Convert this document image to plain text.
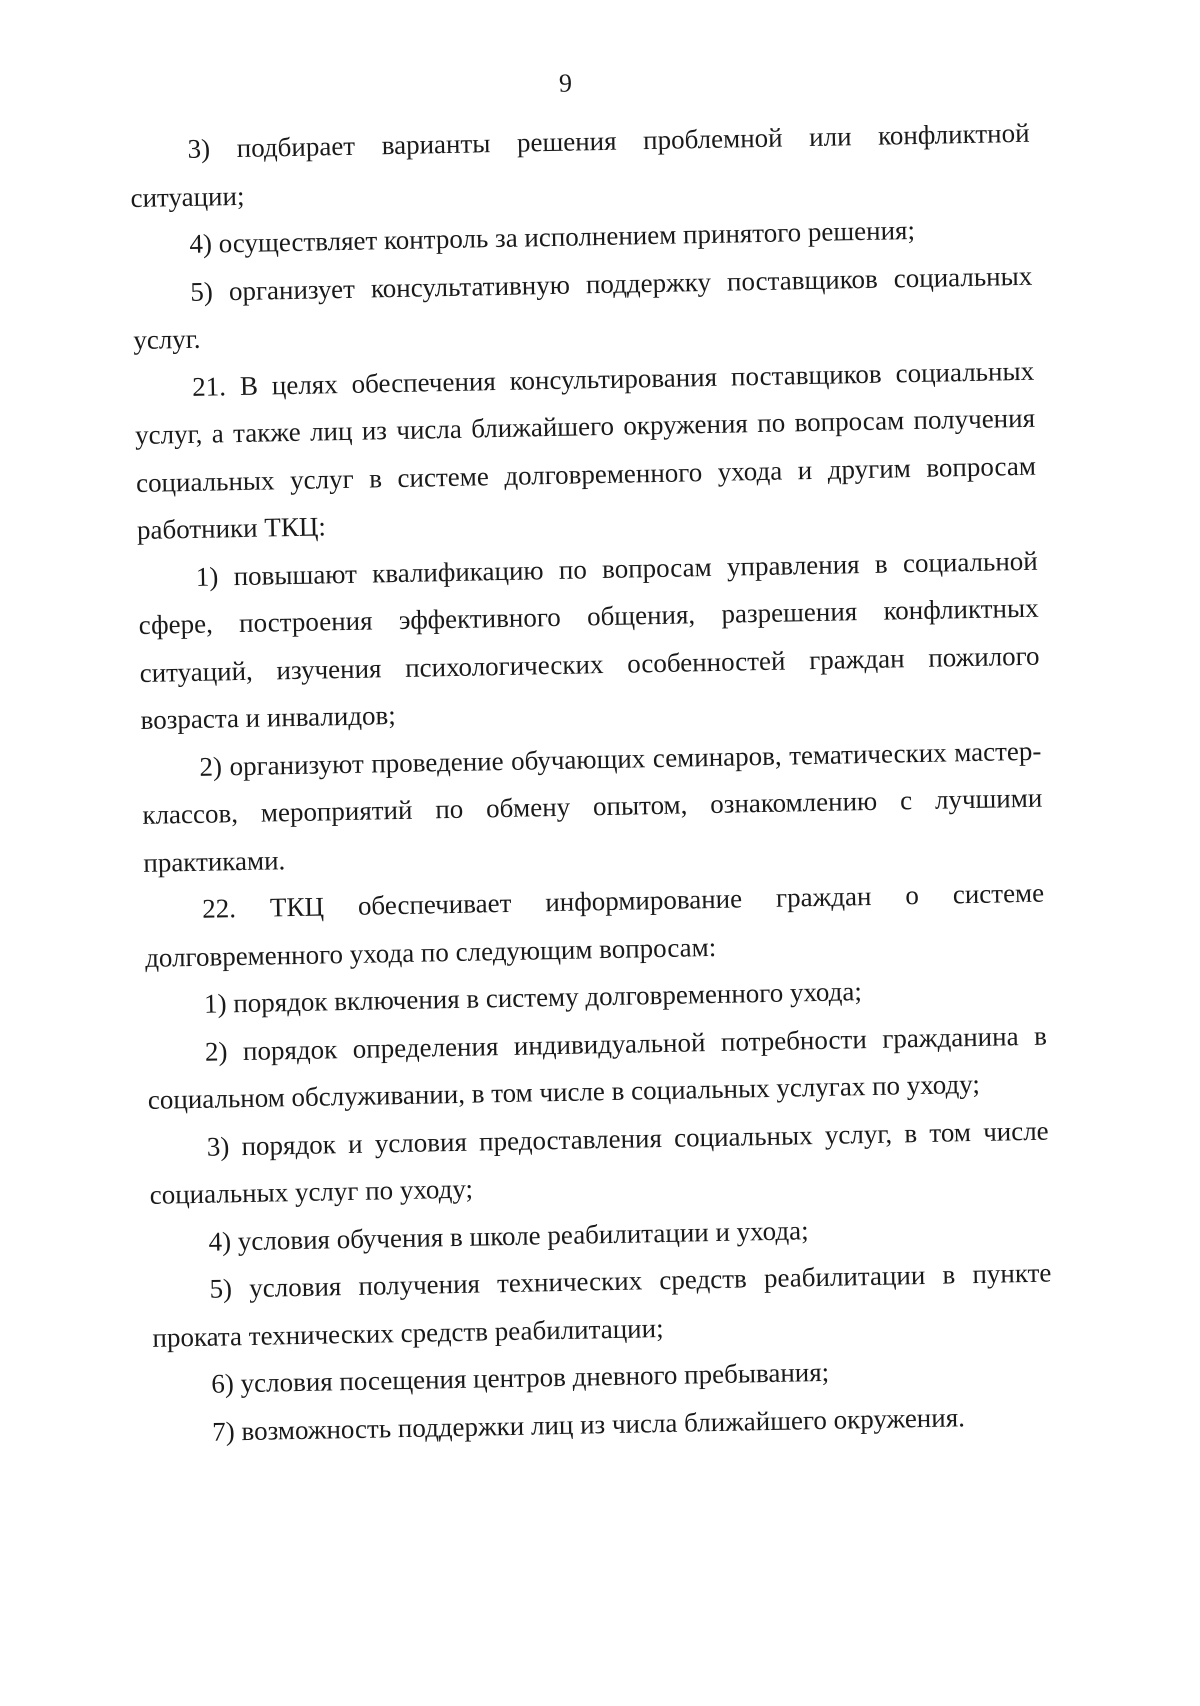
9

3) подбирает варианты решения проблемной или конфликтной ситуации;

4) осуществляет контроль за исполнением принятого решения;

5) организует консультативную поддержку поставщиков социальных услуг.

21. В целях обеспечения консультирования поставщиков социальных услуг, а также лиц из числа ближайшего окружения по вопросам получения социальных услуг в системе долговременного ухода и другим вопросам работники ТКЦ:

1) повышают квалификацию по вопросам управления в социальной сфере, построения эффективного общения, разрешения конфликтных ситуаций, изучения психологических особенностей граждан пожилого возраста и инвалидов;

2) организуют проведение обучающих семинаров, тематических мастер-классов, мероприятий по обмену опытом, ознакомлению с лучшими практиками.

22. ТКЦ обеспечивает информирование граждан о системе долговременного ухода по следующим вопросам:

1) порядок включения в систему долговременного ухода;

2) порядок определения индивидуальной потребности гражданина в социальном обслуживании, в том числе в социальных услугах по уходу;

3) порядок и условия предоставления социальных услуг, в том числе социальных услуг по уходу;

4) условия обучения в школе реабилитации и ухода;

5) условия получения технических средств реабилитации в пункте проката технических средств реабилитации;

6) условия посещения центров дневного пребывания;

7) возможность поддержки лиц из числа ближайшего окружения.
